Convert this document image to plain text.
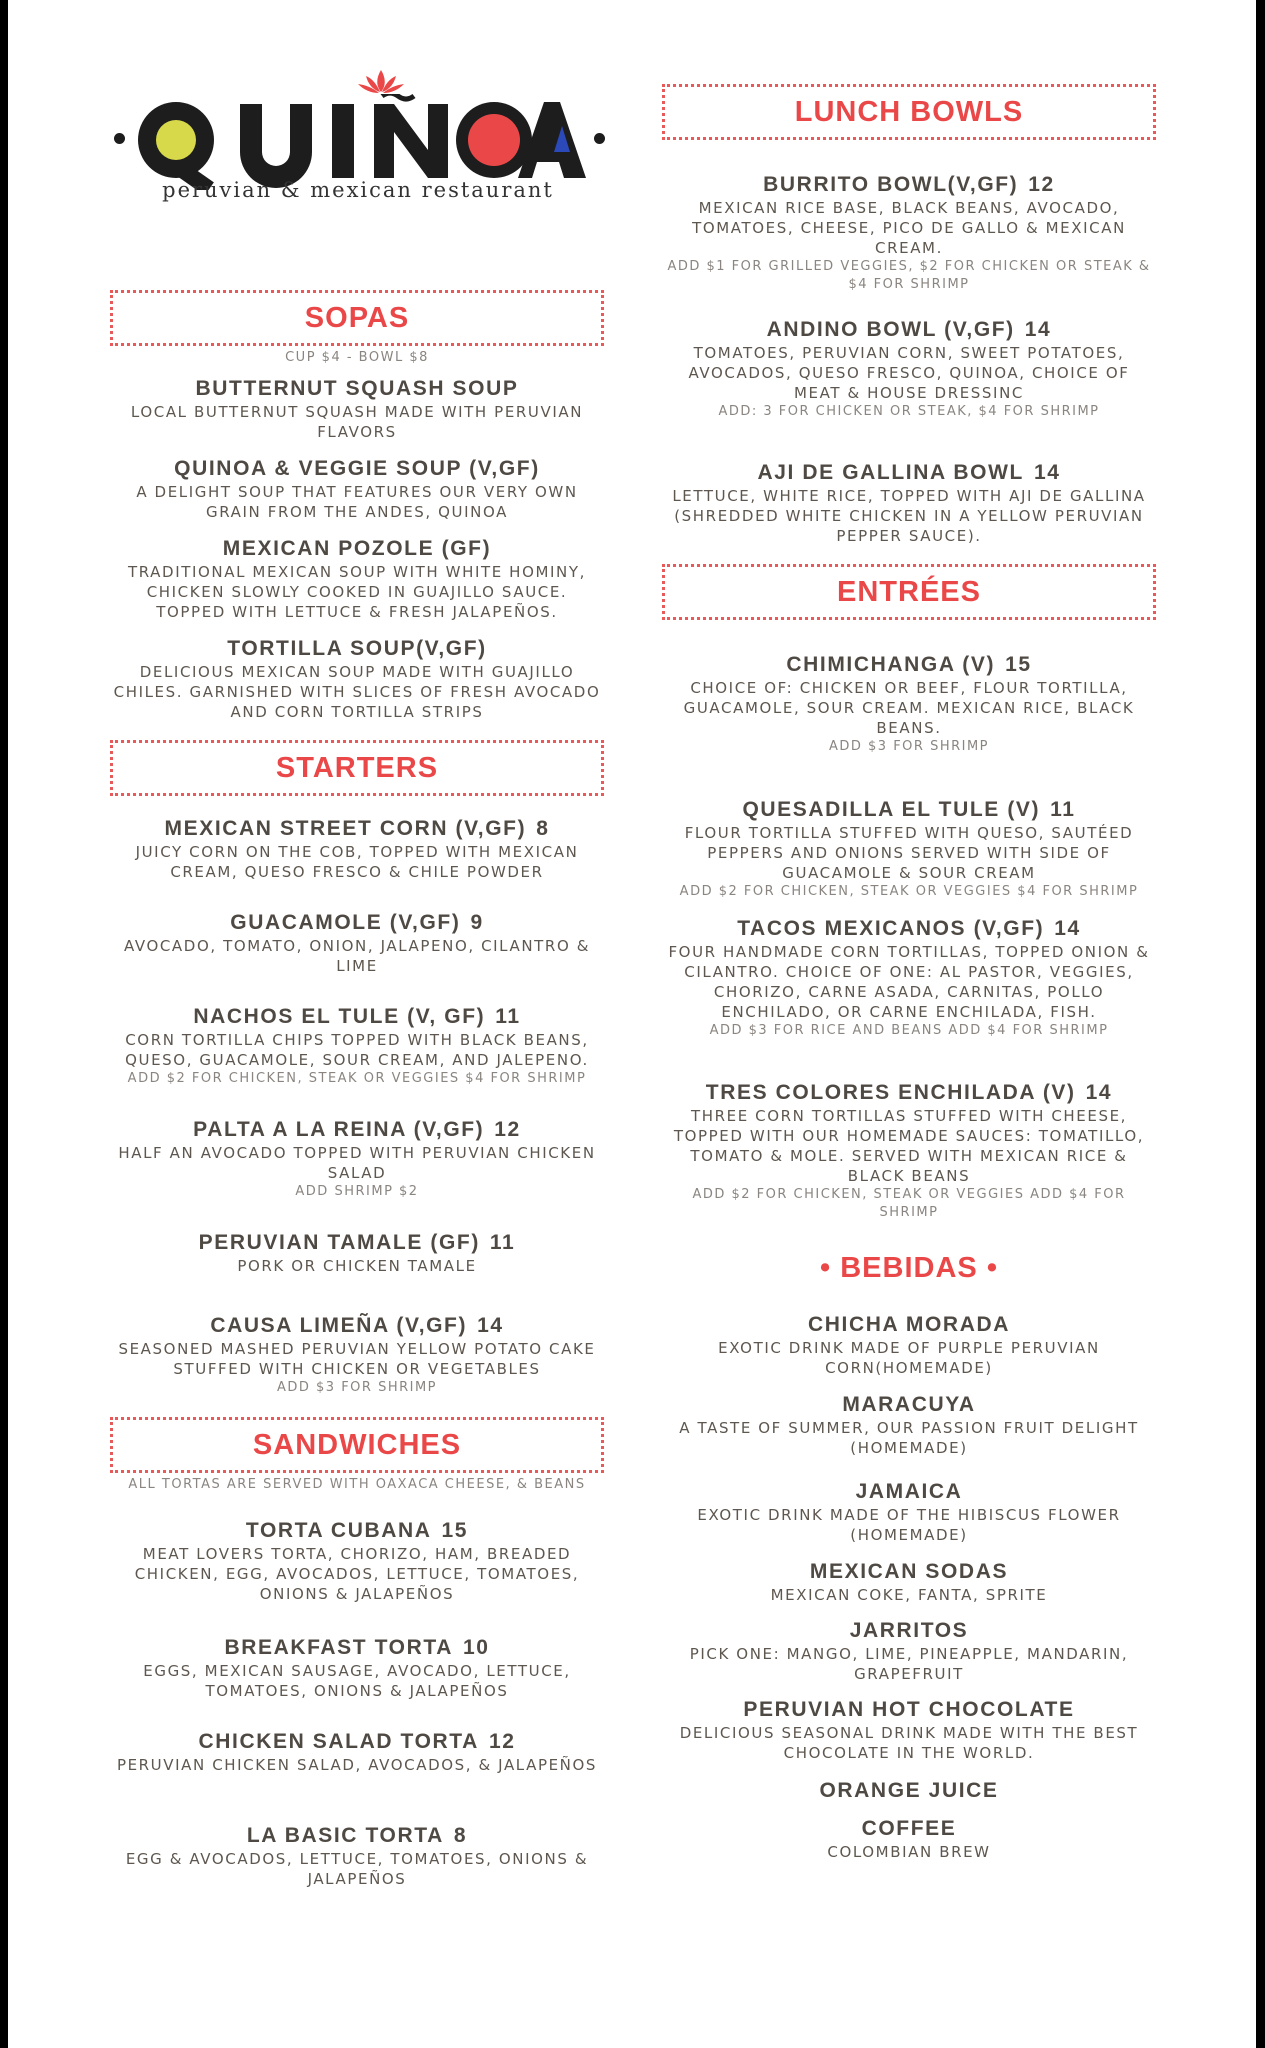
peruvian & mexican restaurant
SOPAS
CUP $4 - BOWL $8
BUTTERNUT SQUASH SOUP

LOCAL BUTTERNUT SQUASH MADE WITH PERUVIAN FLAVORS

QUINOA & VEGGIE SOUP (V,GF)

A DELIGHT SOUP THAT FEATURES OUR VERY OWN GRAIN FROM THE ANDES, QUINOA

MEXICAN POZOLE (GF)

TRADITIONAL MEXICAN SOUP WITH WHITE HOMINY, CHICKEN SLOWLY COOKED IN GUAJILLO SAUCE. TOPPED WITH LETTUCE & FRESH JALAPEÑOS.

TORTILLA SOUP(V,GF)

DELICIOUS MEXICAN SOUP MADE WITH GUAJILLO CHILES. GARNISHED WITH SLICES OF FRESH AVOCADO AND CORN TORTILLA STRIPS

STARTERS
MEXICAN STREET CORN (V,GF) 8

JUICY CORN ON THE COB, TOPPED WITH MEXICAN CREAM, QUESO FRESCO & CHILE POWDER

GUACAMOLE (V,GF) 9

AVOCADO, TOMATO, ONION, JALAPENO, CILANTRO & LIME

NACHOS EL TULE (V, GF) 11

CORN TORTILLA CHIPS TOPPED WITH BLACK BEANS, QUESO, GUACAMOLE, SOUR CREAM, AND JALEPENO.

ADD $2 FOR CHICKEN, STEAK OR VEGGIES $4 FOR SHRIMP
PALTA A LA REINA (V,GF) 12

HALF AN AVOCADO TOPPED WITH PERUVIAN CHICKEN SALAD

ADD SHRIMP $2
PERUVIAN TAMALE (GF) 11

PORK OR CHICKEN TAMALE

CAUSA LIMEÑA (V,GF) 14

SEASONED MASHED PERUVIAN YELLOW POTATO CAKE STUFFED WITH CHICKEN OR VEGETABLES

ADD $3 FOR SHRIMP
SANDWICHES
ALL TORTAS ARE SERVED WITH OAXACA CHEESE, & BEANS
TORTA CUBANA 15

MEAT LOVERS TORTA, CHORIZO, HAM, BREADED CHICKEN, EGG, AVOCADOS, LETTUCE, TOMATOES, ONIONS & JALAPEÑOS

BREAKFAST TORTA 10

EGGS, MEXICAN SAUSAGE, AVOCADO, LETTUCE, TOMATOES, ONIONS & JALAPEÑOS

CHICKEN SALAD TORTA 12

PERUVIAN CHICKEN SALAD, AVOCADOS, & JALAPEÑOS

LA BASIC TORTA 8

EGG & AVOCADOS, LETTUCE, TOMATOES, ONIONS & JALAPEÑOS

LUNCH BOWLS
BURRITO BOWL(V,GF) 12

MEXICAN RICE BASE, BLACK BEANS, AVOCADO, TOMATOES, CHEESE, PICO DE GALLO & MEXICAN CREAM.

ADD $1 FOR GRILLED VEGGIES, $2 FOR CHICKEN OR STEAK & $4 FOR SHRIMP
ANDINO BOWL (V,GF) 14

TOMATOES, PERUVIAN CORN, SWEET POTATOES, AVOCADOS, QUESO FRESCO, QUINOA, CHOICE OF MEAT & HOUSE DRESSINC

ADD: 3 FOR CHICKEN OR STEAK, $4 FOR SHRIMP
AJI DE GALLINA BOWL 14

LETTUCE, WHITE RICE, TOPPED WITH AJI DE GALLINA (SHREDDED WHITE CHICKEN IN A YELLOW PERUVIAN PEPPER SAUCE).

ENTRÉES
CHIMICHANGA (V) 15

CHOICE OF: CHICKEN OR BEEF, FLOUR TORTILLA, GUACAMOLE, SOUR CREAM. MEXICAN RICE, BLACK BEANS.

ADD $3 FOR SHRIMP
QUESADILLA EL TULE (V) 11

FLOUR TORTILLA STUFFED WITH QUESO, SAUTÉED PEPPERS AND ONIONS SERVED WITH SIDE OF GUACAMOLE & SOUR CREAM

ADD $2 FOR CHICKEN, STEAK OR VEGGIES $4 FOR SHRIMP
TACOS MEXICANOS (V,GF) 14

FOUR HANDMADE CORN TORTILLAS, TOPPED ONION & CILANTRO. CHOICE OF ONE: AL PASTOR, VEGGIES, CHORIZO, CARNE ASADA, CARNITAS, POLLO ENCHILADO, OR CARNE ENCHILADA, FISH.

ADD $3 FOR RICE AND BEANS ADD $4 FOR SHRIMP
TRES COLORES ENCHILADA (V) 14

THREE CORN TORTILLAS STUFFED WITH CHEESE, TOPPED WITH OUR HOMEMADE SAUCES: TOMATILLO, TOMATO & MOLE. SERVED WITH MEXICAN RICE & BLACK BEANS

ADD $2 FOR CHICKEN, STEAK OR VEGGIES ADD $4 FOR SHRIMP
• BEBIDAS •
CHICHA MORADA

EXOTIC DRINK MADE OF PURPLE PERUVIAN CORN(HOMEMADE)

MARACUYA

A TASTE OF SUMMER, OUR PASSION FRUIT DELIGHT (HOMEMADE)

JAMAICA

EXOTIC DRINK MADE OF THE HIBISCUS FLOWER (HOMEMADE)

MEXICAN SODAS

MEXICAN COKE, FANTA, SPRITE

JARRITOS

PICK ONE: MANGO, LIME, PINEAPPLE, MANDARIN, GRAPEFRUIT

PERUVIAN HOT CHOCOLATE

DELICIOUS SEASONAL DRINK MADE WITH THE BEST CHOCOLATE IN THE WORLD.

ORANGE JUICE
COFFEE

COLOMBIAN BREW
